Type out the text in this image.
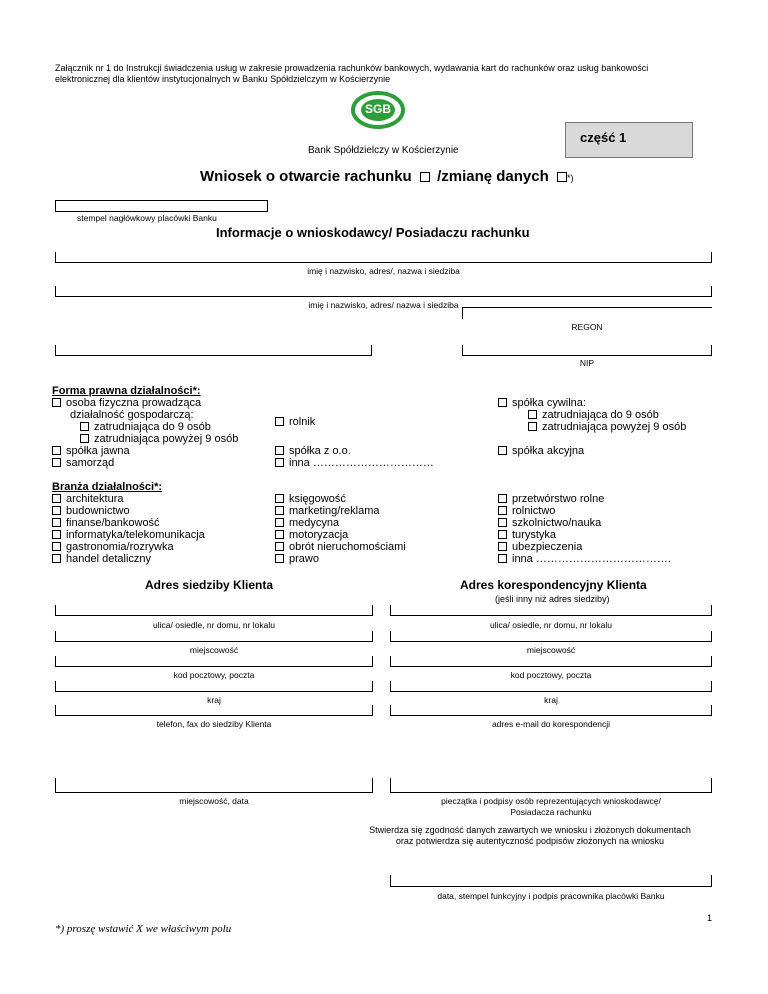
Załącznik nr 1 do Instrukcji świadczenia usług w zakresie prowadzenia rachunków bankowych, wydawania kart do rachunków oraz usług bankowości
elektronicznej dla klientów instytucjonalnych w Banku Spółdzielczym w Kościerzynie
SGB
Bank Spółdzielczy w Kościerzynie
część 1
Wniosek o otwarcie rachunku /zmianę danych *)
stempel nagłówkowy placówki Banku
Informacje o wnioskodawcy/ Posiadaczu rachunku
imię i nazwisko, adres/, nazwa i siedziba
imię i nazwisko, adres/ nazwa i siedziba
REGON
NIP
Forma prawna działalności*:
osoba fizyczna prowadząca
działalność gospodarczą:
zatrudniająca do 9 osób
zatrudniająca powyżej 9 osób
spółka jawna
samorząd
rolnik
spółka z o.o.
inna ……………………………
spółka cywilna:
zatrudniająca do 9 osób
zatrudniająca powyżej 9 osób
spółka akcyjna
Branża działalności*:
architektura
budownictwo
finanse/bankowość
informatyka/telekomunikacja
gastronomia/rozrywka
handel detaliczny
księgowość
marketing/reklama
medycyna
motoryzacja
obrót nieruchomościami
prawo
przetwórstwo rolne
rolnictwo
szkolnictwo/nauka
turystyka
ubezpieczenia
inna ……………………………….
Adres siedziby Klienta	Adres korespondencyjny Klienta
(jeśli inny niż adres siedziby)
ulica/ osiedle, nr domu, nr lokalu
miejscowość
kod pocztowy, poczta
kraj
telefon, fax do siedziby Klienta
ulica/ osiedle, nr domu, nr lokalu
miejscowość
kod pocztowy, poczta
kraj
adres e-mail do korespondencji
miejscowość, data	pieczątka i podpisy osób reprezentujących wnioskodawcę/
Posiadacza rachunku
Stwierdza się zgodność danych zawartych we wniosku i złożonych dokumentach
oraz potwierdza się autentyczność podpisów złożonych na wniosku
data, stempel funkcyjny i podpis pracownika placówki Banku
1
*) proszę wstawić X we właściwym polu
